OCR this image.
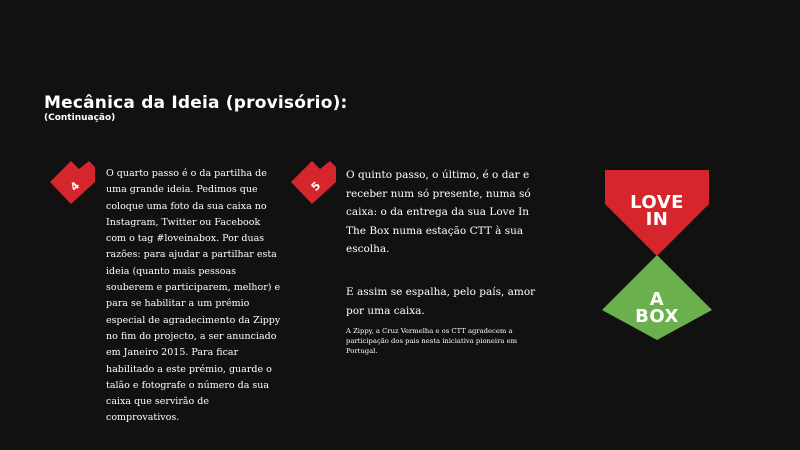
Mecânica da Ideia (provisório):
(Continuação)
4
O quarto passo é o da partilha de uma grande ideia. Pedimos que coloque uma foto da sua caixa no Instagram, Twitter ou Facebook com o tag #loveinabox. Por duas razões: para ajudar a partilhar esta ideia (quanto mais pessoas souberem e participarem, melhor) e para se habilitar a um prémio especial de agradecimento da Zippy no fim do projecto, a ser anunciado em Janeiro 2015. Para ficar habilitado a este prémio, guarde o talão e fotografe o número da sua caixa que servirão de comprovativos.
5
O quinto passo, o último, é o dar e receber num só presente, numa só caixa: o da entrega da sua Love In The Box numa estação CTT à sua escolha.
E assim se espalha, pelo país, amor por uma caixa.
A Zippy, a Cruz Vermelha e os CTT agradecem a participação dos pais nesta iniciativa pioneira em Portugal.
LOVE
IN
A
BOX
